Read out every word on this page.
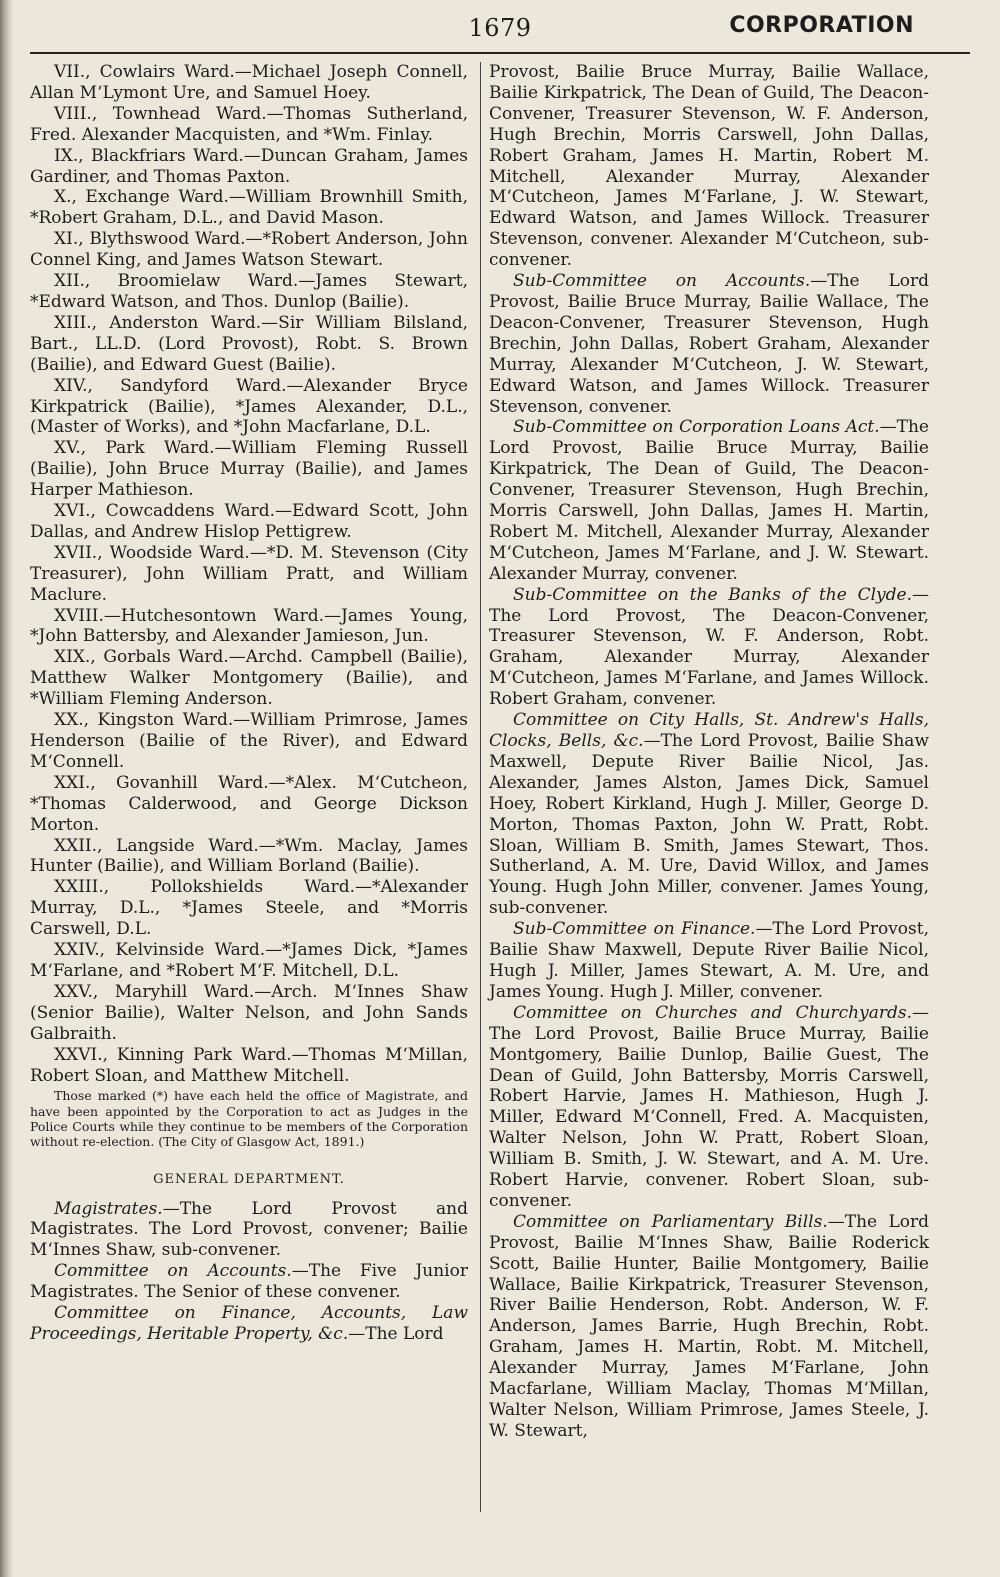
1679	CORPORATION

VII., Cowlairs Ward.—Michael Joseph Connell, Allan M‘Lymont Ure, and Samuel Hoey.

VIII., Townhead Ward.—Thomas Sutherland, Fred. Alexander Macquisten, and *Wm. Finlay.

IX., Blackfriars Ward.—Duncan Graham, James Gardiner, and Thomas Paxton.

X., Exchange Ward.—William Brownhill Smith, *Robert Graham, D.L., and David Mason.

XI., Blythswood Ward.—*Robert Anderson, John Connel King, and James Watson Stewart.

XII., Broomielaw Ward.—James Stewart, *Edward Watson, and Thos. Dunlop (Bailie).

XIII., Anderston Ward.—Sir William Bilsland, Bart., LL.D. (Lord Provost), Robt. S. Brown (Bailie), and Edward Guest (Bailie).

XIV., Sandyford Ward.—Alexander Bryce Kirkpatrick (Bailie), *James Alexander, D.L., (Master of Works), and *John Macfarlane, D.L.

XV., Park Ward.—William Fleming Russell (Bailie), John Bruce Murray (Bailie), and James Harper Mathieson.

XVI., Cowcaddens Ward.—Edward Scott, John Dallas, and Andrew Hislop Pettigrew.

XVII., Woodside Ward.—*D. M. Stevenson (City Treasurer), John William Pratt, and William Maclure.

XVIII.—Hutchesontown Ward.—James Young, *John Battersby, and Alexander Jamieson, Jun.

XIX., Gorbals Ward.—Archd. Campbell (Bailie), Matthew Walker Montgomery (Bailie), and *William Fleming Anderson.

XX., Kingston Ward.—William Primrose, James Henderson (Bailie of the River), and Edward M‘Connell.

XXI., Govanhill Ward.—*Alex. M‘Cutcheon, *Thomas Calderwood, and George Dickson Morton.

XXII., Langside Ward.—*Wm. Maclay, James Hunter (Bailie), and William Borland (Bailie).

XXIII., Pollokshields Ward.—*Alexander Murray, D.L., *James Steele, and *Morris Carswell, D.L.

XXIV., Kelvinside Ward.—*James Dick, *James M‘Farlane, and *Robert M‘F. Mitchell, D.L.

XXV., Maryhill Ward.—Arch. M‘Innes Shaw (Senior Bailie), Walter Nelson, and John Sands Galbraith.

XXVI., Kinning Park Ward.—Thomas M‘Millan, Robert Sloan, and Matthew Mitchell.

Those marked (*) have each held the office of Magistrate, and have been appointed by the Corporation to act as Judges in the Police Courts while they continue to be members of the Corporation without re-election. (The City of Glasgow Act, 1891.)

GENERAL DEPARTMENT.

Magistrates.—The Lord Provost and Magistrates. The Lord Provost, convener; Bailie M‘Innes Shaw, sub-convener.

Committee on Accounts.—The Five Junior Magistrates. The Senior of these convener.

Committee on Finance, Accounts, Law Proceedings, Heritable Property, &c.—The Lord

Provost, Bailie Bruce Murray, Bailie Wallace, Bailie Kirkpatrick, The Dean of Guild, The Deacon-Convener, Treasurer Stevenson, W. F. Anderson, Hugh Brechin, Morris Carswell, John Dallas, Robert Graham, James H. Martin, Robert M. Mitchell, Alexander Murray, Alexander M‘Cutcheon, James M‘Farlane, J. W. Stewart, Edward Watson, and James Willock. Treasurer Stevenson, convener. Alexander M‘Cutcheon, sub-convener.

Sub-Committee on Accounts.—The Lord Provost, Bailie Bruce Murray, Bailie Wallace, The Deacon-Convener, Treasurer Stevenson, Hugh Brechin, John Dallas, Robert Graham, Alexander Murray, Alexander M‘Cutcheon, J. W. Stewart, Edward Watson, and James Willock. Treasurer Stevenson, convener.

Sub-Committee on Corporation Loans Act.—The Lord Provost, Bailie Bruce Murray, Bailie Kirkpatrick, The Dean of Guild, The Deacon-Convener, Treasurer Stevenson, Hugh Brechin, Morris Carswell, John Dallas, James H. Martin, Robert M. Mitchell, Alexander Murray, Alexander M‘Cutcheon, James M‘Farlane, and J. W. Stewart. Alexander Murray, convener.

Sub-Committee on the Banks of the Clyde.—The Lord Provost, The Deacon-Convener, Treasurer Stevenson, W. F. Anderson, Robt. Graham, Alexander Murray, Alexander M‘Cutcheon, James M‘Farlane, and James Willock. Robert Graham, convener.

Committee on City Halls, St. Andrew's Halls, Clocks, Bells, &c.—The Lord Provost, Bailie Shaw Maxwell, Depute River Bailie Nicol, Jas. Alexander, James Alston, James Dick, Samuel Hoey, Robert Kirkland, Hugh J. Miller, George D. Morton, Thomas Paxton, John W. Pratt, Robt. Sloan, William B. Smith, James Stewart, Thos. Sutherland, A. M. Ure, David Willox, and James Young. Hugh John Miller, convener. James Young, sub-convener.

Sub-Committee on Finance.—The Lord Provost, Bailie Shaw Maxwell, Depute River Bailie Nicol, Hugh J. Miller, James Stewart, A. M. Ure, and James Young. Hugh J. Miller, convener.

Committee on Churches and Churchyards.—The Lord Provost, Bailie Bruce Murray, Bailie Montgomery, Bailie Dunlop, Bailie Guest, The Dean of Guild, John Battersby, Morris Carswell, Robert Harvie, James H. Mathieson, Hugh J. Miller, Edward M‘Connell, Fred. A. Macquisten, Walter Nelson, John W. Pratt, Robert Sloan, William B. Smith, J. W. Stewart, and A. M. Ure. Robert Harvie, convener. Robert Sloan, sub-convener.

Committee on Parliamentary Bills.—The Lord Provost, Bailie M‘Innes Shaw, Bailie Roderick Scott, Bailie Hunter, Bailie Montgomery, Bailie Wallace, Bailie Kirkpatrick, Treasurer Stevenson, River Bailie Henderson, Robt. Anderson, W. F. Anderson, James Barrie, Hugh Brechin, Robt. Graham, James H. Martin, Robt. M. Mitchell, Alexander Murray, James M‘Farlane, John Macfarlane, William Maclay, Thomas M‘Millan, Walter Nelson, William Primrose, James Steele, J. W. Stewart,
